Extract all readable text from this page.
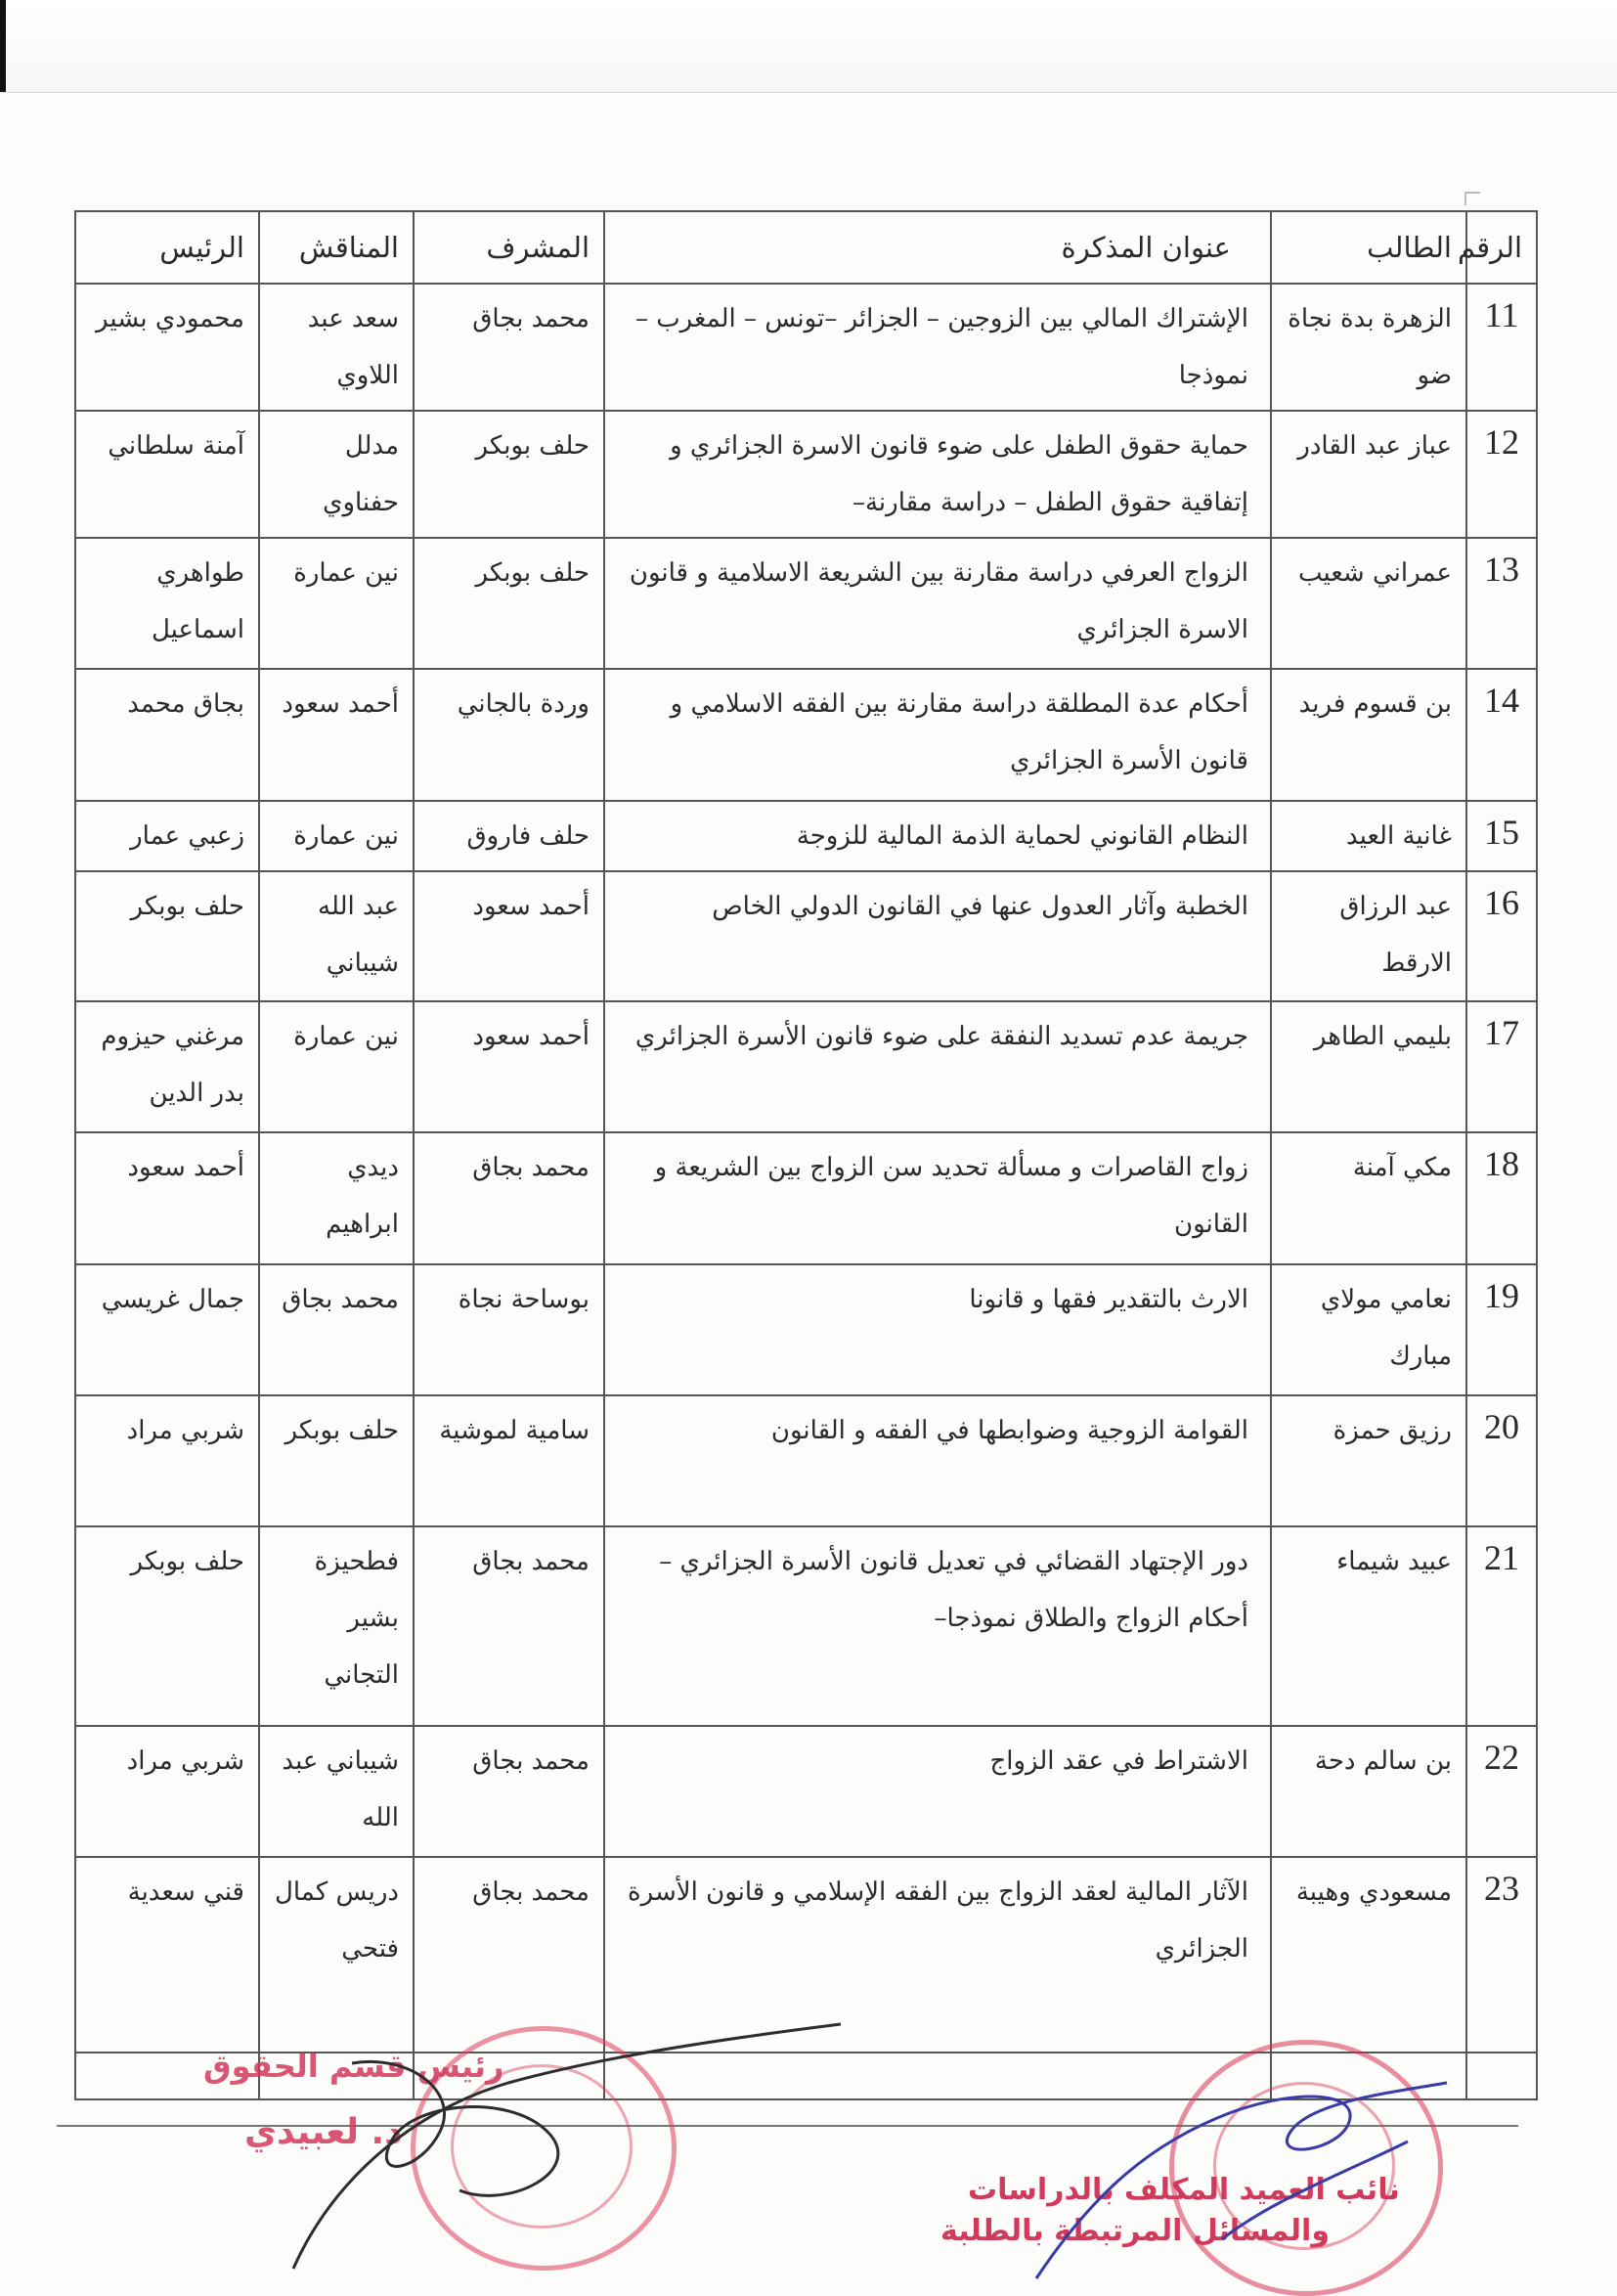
الرقم	الطالب	عنوان المذكرة	المشرف	المناقش	الرئيس
11	الزهرة بدة نجاة ضو	الإشتراك المالي بين الزوجين – الجزائر –تونس – المغرب – نموذجا	محمد بجاق	سعد عبد اللاوي	محمودي بشير
12	عباز عبد القادر	حماية حقوق الطفل على ضوء قانون الاسرة الجزائري و إتفاقية حقوق الطفل – دراسة مقارنة–	حلف بوبكر	مدلل حفناوي	آمنة سلطاني
13	عمراني شعيب	الزواج العرفي دراسة مقارنة بين الشريعة الاسلامية و قانون الاسرة الجزائري	حلف بوبكر	نين عمارة	طواهري اسماعيل
14	بن قسوم فريد	أحكام عدة المطلقة دراسة مقارنة بين الفقه الاسلامي و قانون الأسرة الجزائري	وردة بالجاني	أحمد سعود	بجاق محمد
15	غانية العيد	النظام القانوني لحماية الذمة المالية للزوجة	حلف فاروق	نين عمارة	زعبي عمار
16	عبد الرزاق الارقط	الخطبة وآثار العدول عنها في القانون الدولي الخاص	أحمد سعود	عبد الله شيباني	حلف بوبكر
17	بليمي الطاهر	جريمة عدم تسديد النفقة على ضوء قانون الأسرة الجزائري	أحمد سعود	نين عمارة	مرغني حيزوم بدر الدين
18	مكي آمنة	زواج القاصرات و مسألة تحديد سن الزواج بين الشريعة و القانون	محمد بجاق	ديدي ابراهيم	أحمد سعود
19	نعامي مولاي مبارك	الارث بالتقدير فقها و قانونا	بوساحة نجاة	محمد بجاق	جمال غريسي
20	رزيق حمزة	القوامة الزوجية وضوابطها في الفقه و القانون	سامية لموشية	حلف بوبكر	شربي مراد
21	عبيد شيماء	دور الإجتهاد القضائي في تعديل قانون الأسرة الجزائري –أحكام الزواج والطلاق نموذجا–	محمد بجاق	فطحيزة بشير التجاني	حلف بوبكر
22	بن سالم دحة	الاشتراط في عقد الزواج	محمد بجاق	شيباني عبد الله	شربي مراد
23	مسعودي وهيبة	الآثار المالية لعقد الزواج بين الفقه الإسلامي و قانون الأسرة الجزائري	محمد بجاق	دريس كمال فتحي	قني سعدية

رئيس قسم الحقوق
د. لعبيدي
نائب العميد المكلف بالدراسات
والمسائل المرتبطة بالطلبة
